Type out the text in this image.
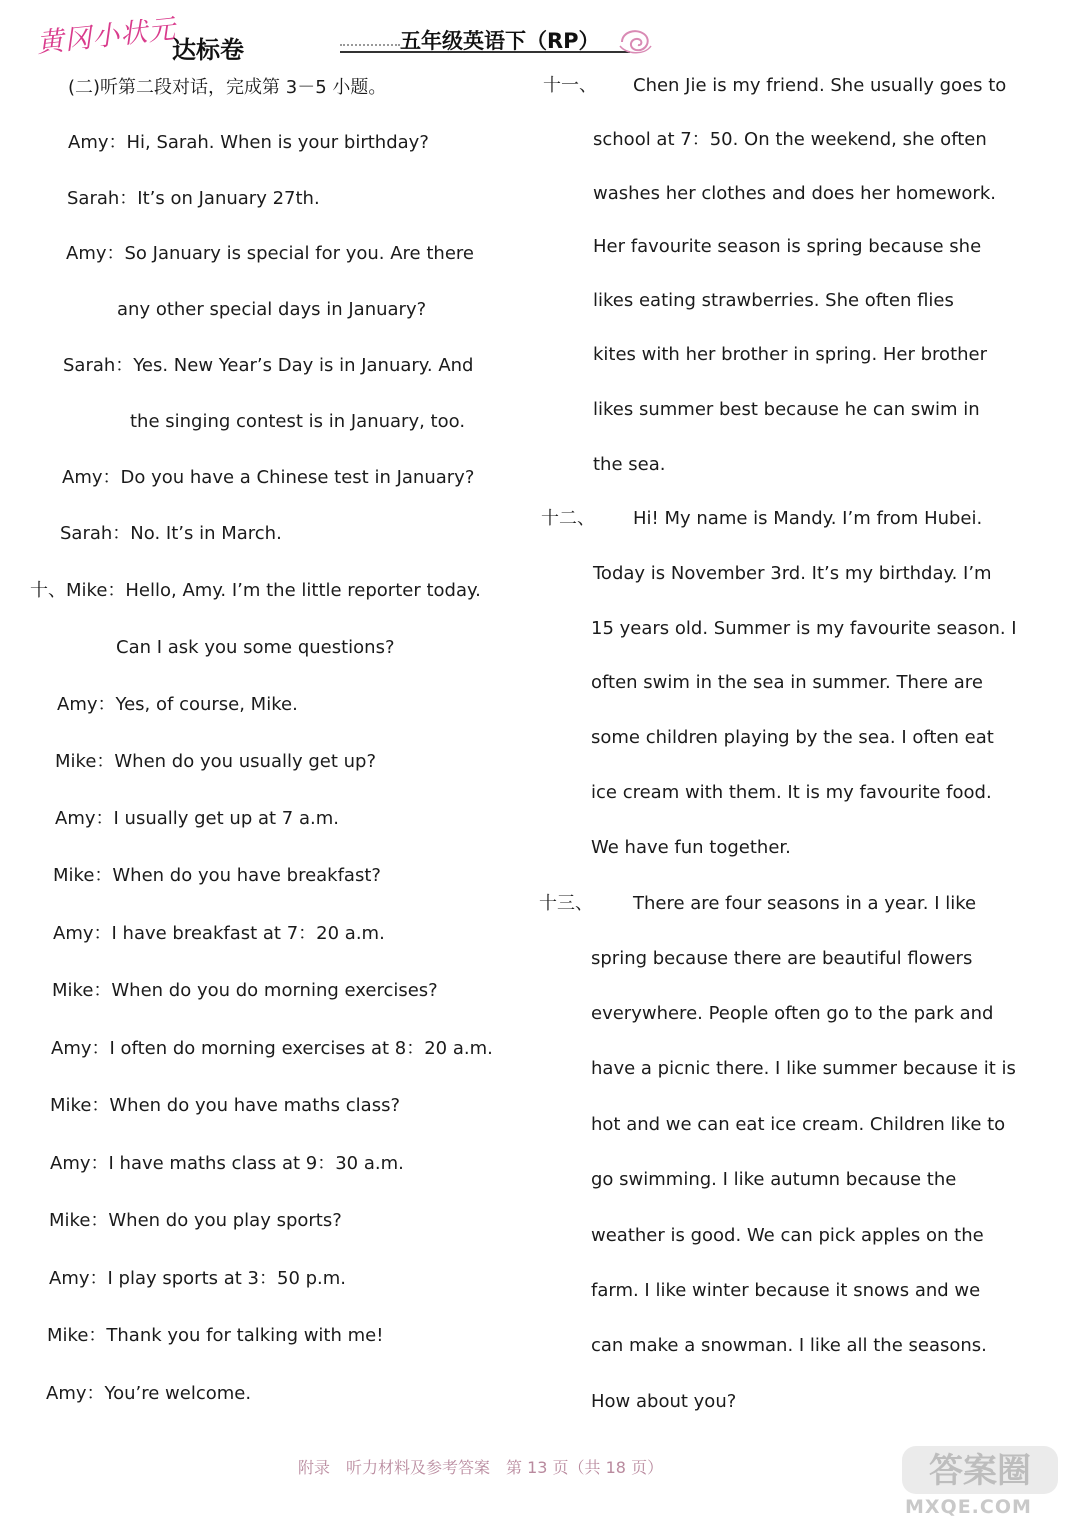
黄冈小状元
达标卷	五年级英语下（RP）
(二)听第二段对话，完成第 3－5 小题。
Amy：Hi, Sarah. When is your birthday?
Sarah：It’s on January 27th.
Amy：So January is special for you. Are there
any other special days in January?
Sarah：Yes. New Year’s Day is in January. And
the singing contest is in January, too.
Amy：Do you have a Chinese test in January?
Sarah：No. It’s in March.
十、Mike：Hello, Amy. I’m the little reporter today.
Can I ask you some questions?
Amy：Yes, of course, Mike.
Mike：When do you usually get up?
Amy：I usually get up at 7 a.m.
Mike：When do you have breakfast?
Amy：I have breakfast at 7：20 a.m.
Mike：When do you do morning exercises?
Amy：I often do morning exercises at 8：20 a.m.
Mike：When do you have maths class?
Amy：I have maths class at 9：30 a.m.
Mike：When do you play sports?
Amy：I play sports at 3：50 p.m.
Mike：Thank you for talking with me!
Amy：You’re welcome.
十一、
十二、
十三、
Chen Jie is my friend. She usually goes to
school at 7：50. On the weekend, she often
washes her clothes and does her homework.
Her favourite season is spring because she
likes eating strawberries. She often flies
kites with her brother in spring. Her brother
likes summer best because he can swim in
the sea.
Hi! My name is Mandy. I’m from Hubei.
Today is November 3rd. It’s my birthday. I’m
15 years old. Summer is my favourite season. I
often swim in the sea in summer. There are
some children playing by the sea. I often eat
ice cream with them. It is my favourite food.
We have fun together.
There are four seasons in a year. I like
spring because there are beautiful flowers
everywhere. People often go to the park and
have a picnic there. I like summer because it is
hot and we can eat ice cream. Children like to
go swimming. I like autumn because the
weather is good. We can pick apples on the
farm. I like winter because it snows and we
can make a snowman. I like all the seasons.
How about you?
附录　听力材料及参考答案　第 13 页（共 18 页）	答案圈
MXQE.COM
